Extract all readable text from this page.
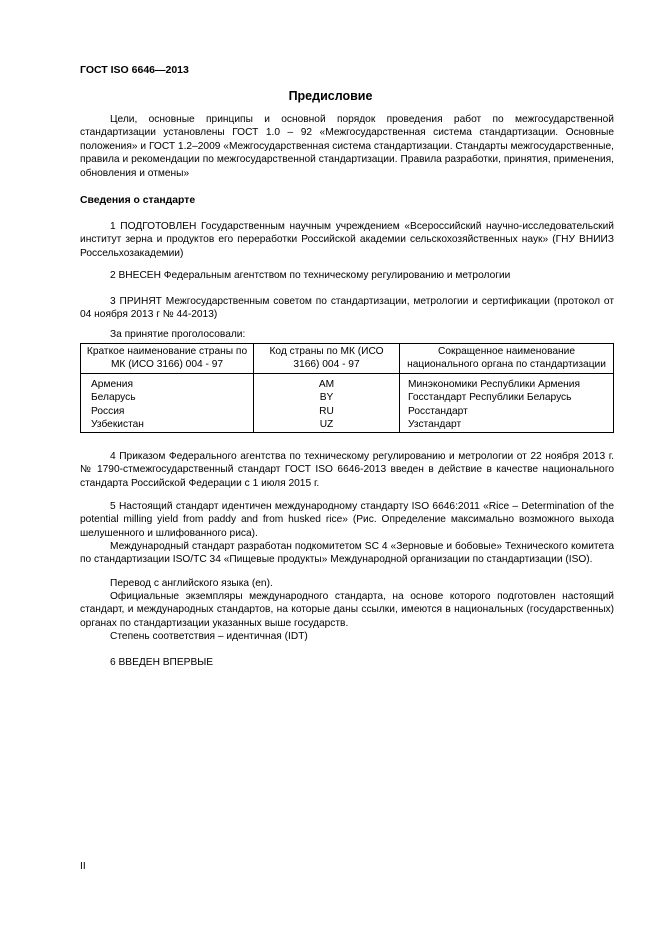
ГОСТ ISO 6646—2013
Предисловие

Цели, основные принципы и основной порядок проведения работ по межгосударственной стандартизации установлены ГОСТ 1.0 – 92 «Межгосударственная система стандартизации. Основные положения» и ГОСТ 1.2–2009 «Межгосударственная система стандартизации. Стандарты межгосударственные, правила и рекомендации по межгосударственной стандартизации. Правила разработки, принятия, применения, обновления и отмены»

Сведения о стандарте

1 ПОДГОТОВЛЕН Государственным научным учреждением «Всероссийский научно-исследовательский институт зерна и продуктов его переработки Российской академии сельскохозяйственных наук» (ГНУ ВНИИЗ Россельхозакадемии)

2 ВНЕСЕН Федеральным агентством по техническому регулированию и метрологии

3 ПРИНЯТ Межгосударственным советом по стандартизации, метрологии и сертификации (протокол от 04 ноября 2013 г № 44-2013)

За принятие проголосовали:

Краткое наименование страны по МК (ИСО 3166) 004 - 97	Код страны по МК (ИСО 3166) 004 - 97	Сокращенное наименование национального органа по стандартизации
Армения	AM	Минэкономики Республики Армения
Беларусь	BY	Госстандарт Республики Беларусь
Россия	RU	Росстандарт
Узбекистан	UZ	Узстандарт

4 Приказом Федерального агентства по техническому регулированию и метрологии от 22 ноября 2013 г. № 1790-стмежгосударственный стандарт ГОСТ ISO 6646-2013 введен в действие в качестве национального стандарта Российской Федерации с 1 июля 2015 г.

5 Настоящий стандарт идентичен международному стандарту ISO 6646:2011 «Rice – Determination of the potential milling yield from paddy and from husked rice» (Рис. Определение максимально возможного выхода шелушенного и шлифованного риса).

Международный стандарт разработан подкомитетом SC 4 «Зерновые и бобовые» Технического комитета по стандартизации ISO/TC 34 «Пищевые продукты» Международной организации по стандартизации (ISO).

Перевод с английского языка (en).

Официальные экземпляры международного стандарта, на основе которого подготовлен настоящий стандарт, и международных стандартов, на которые даны ссылки, имеются в национальных (государственных) органах по стандартизации указанных выше государств.

Степень соответствия – идентичная (IDT)

6 ВВЕДЕН ВПЕРВЫЕ

II
